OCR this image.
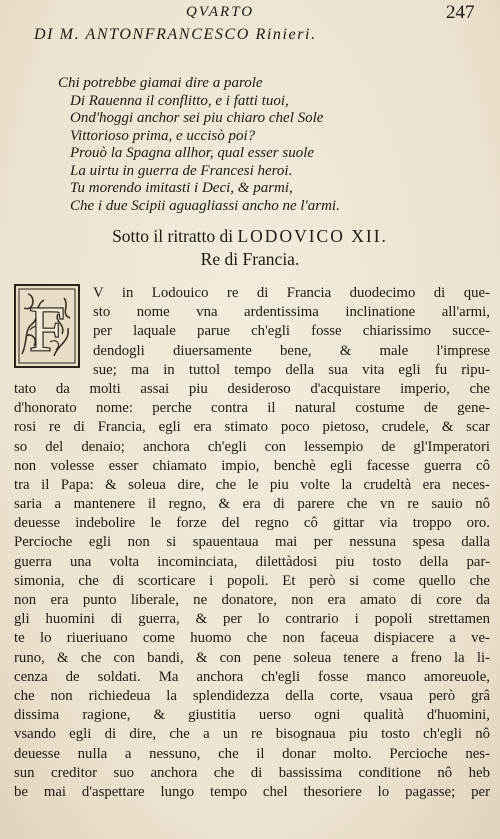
QVARTO	247
DI M. ANTONFRANCESCO Rinieri.
Chi potrebbe giamai dire a parole
Di Rauenna il conflitto, e i fatti tuoi,
Ond'hoggi anchor sei piu chiaro chel Sole
Vittorioso prima, e uccisò poi?
Prouò la Spagna allhor, qual esser suole
La uirtu in guerra de Francesi heroi.
Tu morendo imitasti i Deci, & parmi,
Che i due Scipii aguagliassi ancho ne l'armi.
Sotto il ritratto di LODOVICO XII.
Re di Francia.
F	V in Lodouico re di Francia duodecimo di que-
sto nome vna ardentissima inclinatione all'armi,
per laquale parue ch'egli fosse chiarissimo succe-
dendogli diuersamente bene, & male l'imprese
sue; ma in tuttol tempo della sua vita egli fu ripu-
tato da molti assai piu desideroso d'acquistare imperio, che
d'honorato nome: perche contra il natural costume de gene-
rosi re di Francia, egli era stimato poco pietoso, crudele, & scar
so del denaio; anchora ch'egli con lessempio de gl'Imperatori
non volesse esser chiamato impio, benchè egli facesse guerra cô
tra il Papa: & soleua dire, che le piu volte la crudeltà era neces-
saria a mantenere il regno, & era di parere che vn re sauio nô
deuesse indebolire le forze del regno cô gittar via troppo oro.
Percioche egli non si spauentaua mai per nessuna spesa dalla
guerra una volta incominciata, dilettàdosi piu tosto della par-
simonia, che di scorticare i popoli. Et però si come quello che
non era punto liberale, ne donatore, non era amato di core da
gli huomini di guerra, & per lo contrario i popoli strettamen
te lo riueriuano come huomo che non faceua dispiacere a ve-
runo, & che con bandi, & con pene soleua tenere a freno la li-
cenza de soldati. Ma anchora ch'egli fosse manco amoreuole,
che non richiedeua la splendidezza della corte, vsaua però grâ
dissima ragione, & giustitia uerso ogni qualità d'huomini,
vsando egli di dire, che a un re bisognaua piu tosto ch'egli nô
deuesse nulla a nessuno, che il donar molto. Percioche nes-
sun creditor suo anchora che di bassissima conditione nô heb
be mai d'aspettare lungo tempo chel thesoriere lo pagasse; per
